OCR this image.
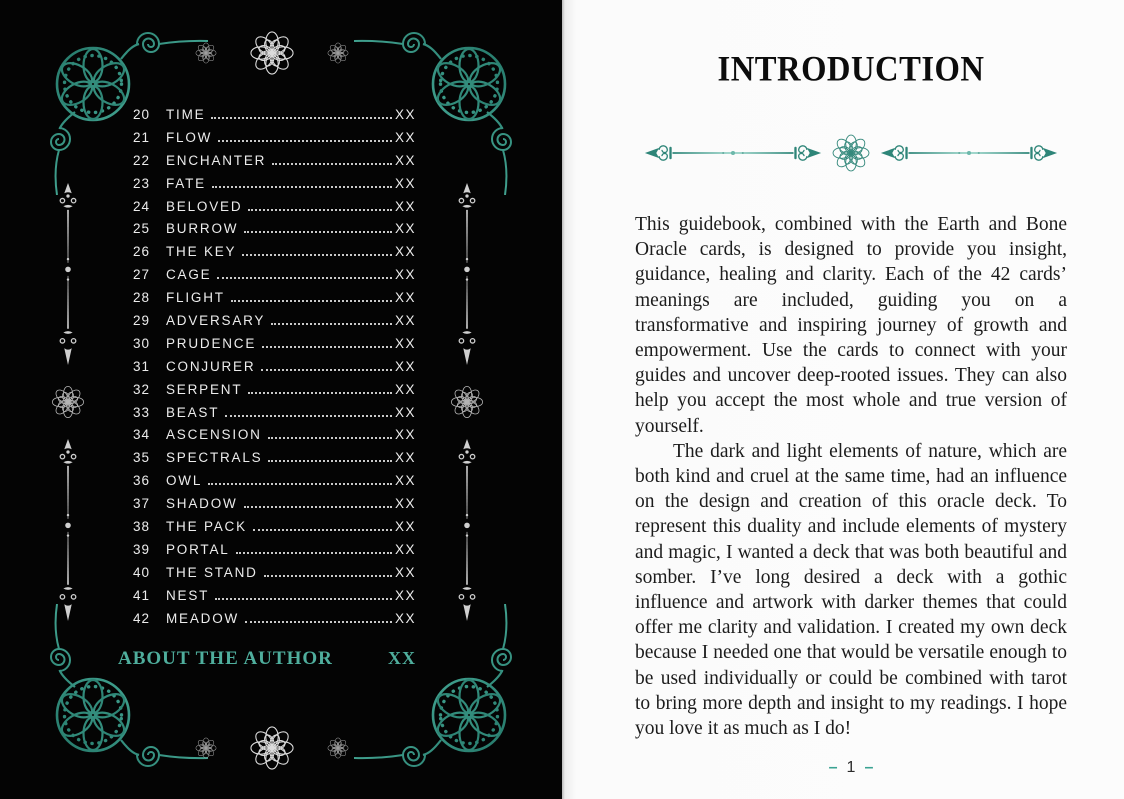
20 TIME	XX
21 FLOW	XX
22 ENCHANTER	XX
23 FATE	XX
24 BELOVED	XX
25 BURROW	XX
26 THE KEY	XX
27 CAGE	XX
28 FLIGHT	XX
29 ADVERSARY	XX
30 PRUDENCE	XX
31 CONJURER	XX
32 SERPENT	XX
33 BEAST	XX
34 ASCENSION	XX
35 SPECTRALS	XX
36 OWL	XX
37 SHADOW	XX
38 THE PACK	XX
39 PORTAL	XX
40 THE STAND	XX
41 NEST	XX
42 MEADOW	XX
ABOUT THE AUTHOR	XX
INTRODUCTION

This guidebook, combined with the Earth and Bone Oracle cards, is designed to provide you insight, guidance, healing and clarity. Each of the 42 cards’ meanings are included, guiding you on a transformative and inspiring journey of growth and empowerment. Use the cards to connect with your guides and uncover deep-rooted issues. They can also help you accept the most whole and true version of yourself.

The dark and light elements of nature, which are both kind and cruel at the same time, had an influence on the design and creation of this oracle deck. To represent this duality and include elements of mystery and magic, I wanted a deck that was both beautiful and somber. I’ve long desired a deck with a gothic influence and artwork with darker themes that could offer me clarity and validation. I created my own deck because I needed one that would be versatile enough to be used individually or could be combined with tarot to bring more depth and insight to my readings. I hope you love it as much as I do!

– 1 –
